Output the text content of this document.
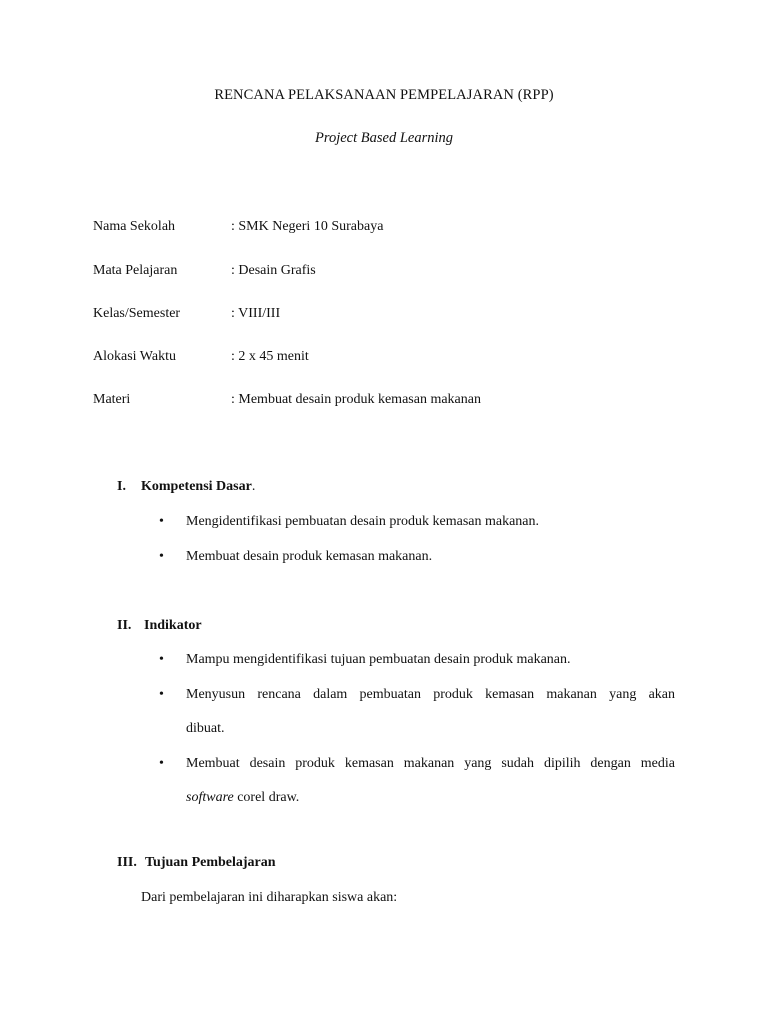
RENCANA PELAKSANAAN PEMPELAJARAN (RPP)
Project Based Learning
Nama Sekolah	: SMK Negeri 10 Surabaya
Mata Pelajaran	: Desain Grafis
Kelas/Semester	: VIII/III
Alokasi Waktu	: 2 x 45 menit
Materi	: Membuat desain produk kemasan makanan
I. Kompetensi Dasar.
• Mengidentifikasi pembuatan desain produk kemasan makanan.
• Membuat desain produk kemasan makanan.
II. Indikator
• Mampu mengidentifikasi tujuan pembuatan desain produk makanan.
• Menyusun rencana dalam pembuatan produk kemasan makanan yang akan
dibuat.
• Membuat desain produk kemasan makanan yang sudah dipilih dengan media
software corel draw.
III. Tujuan Pembelajaran
Dari pembelajaran ini diharapkan siswa akan:
